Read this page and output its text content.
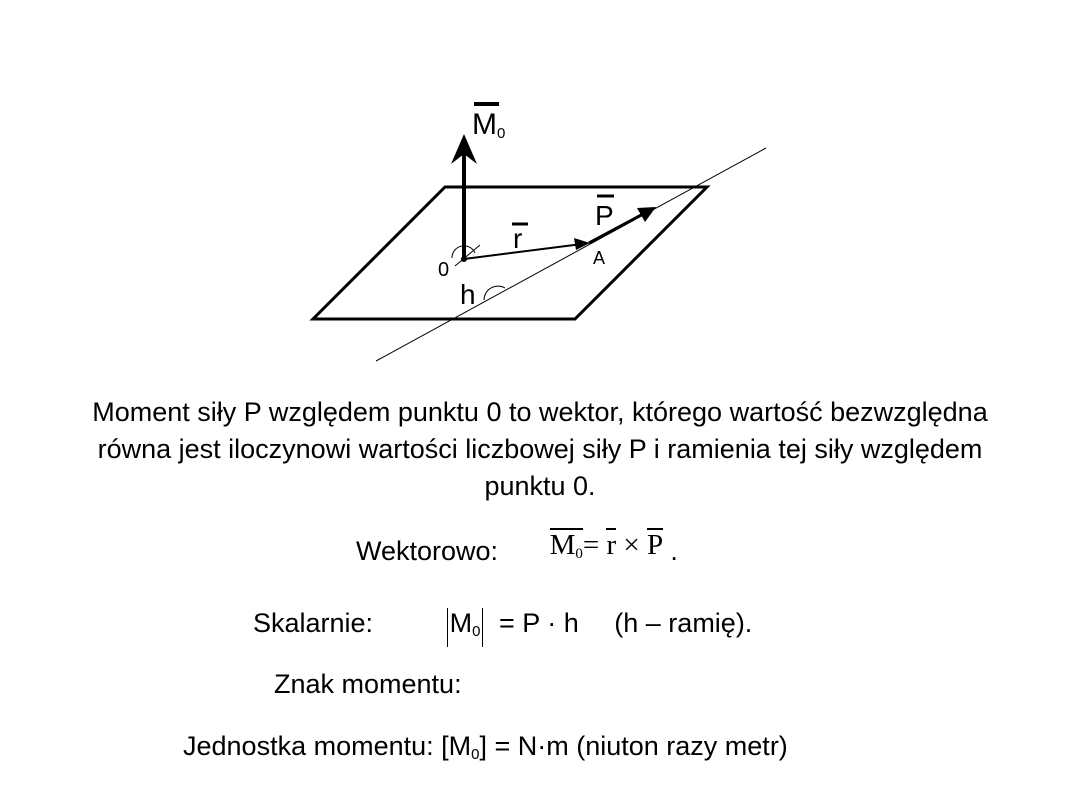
M0
P
r
0
A
h

Moment siły P względem punktu 0 to wektor, którego wartość bezwzględna równa jest iloczynowi wartości liczbowej siły P i ramienia tej siły względem punktu 0.

Wektorowo: $M_0= r \times P$ .
Skalarnie:	$M_0 = P \cdot h$ (h – ramię).
Znak momentu:
Jednostka momentu: $[M_0] = N\cdot m$ (niuton razy metr)
